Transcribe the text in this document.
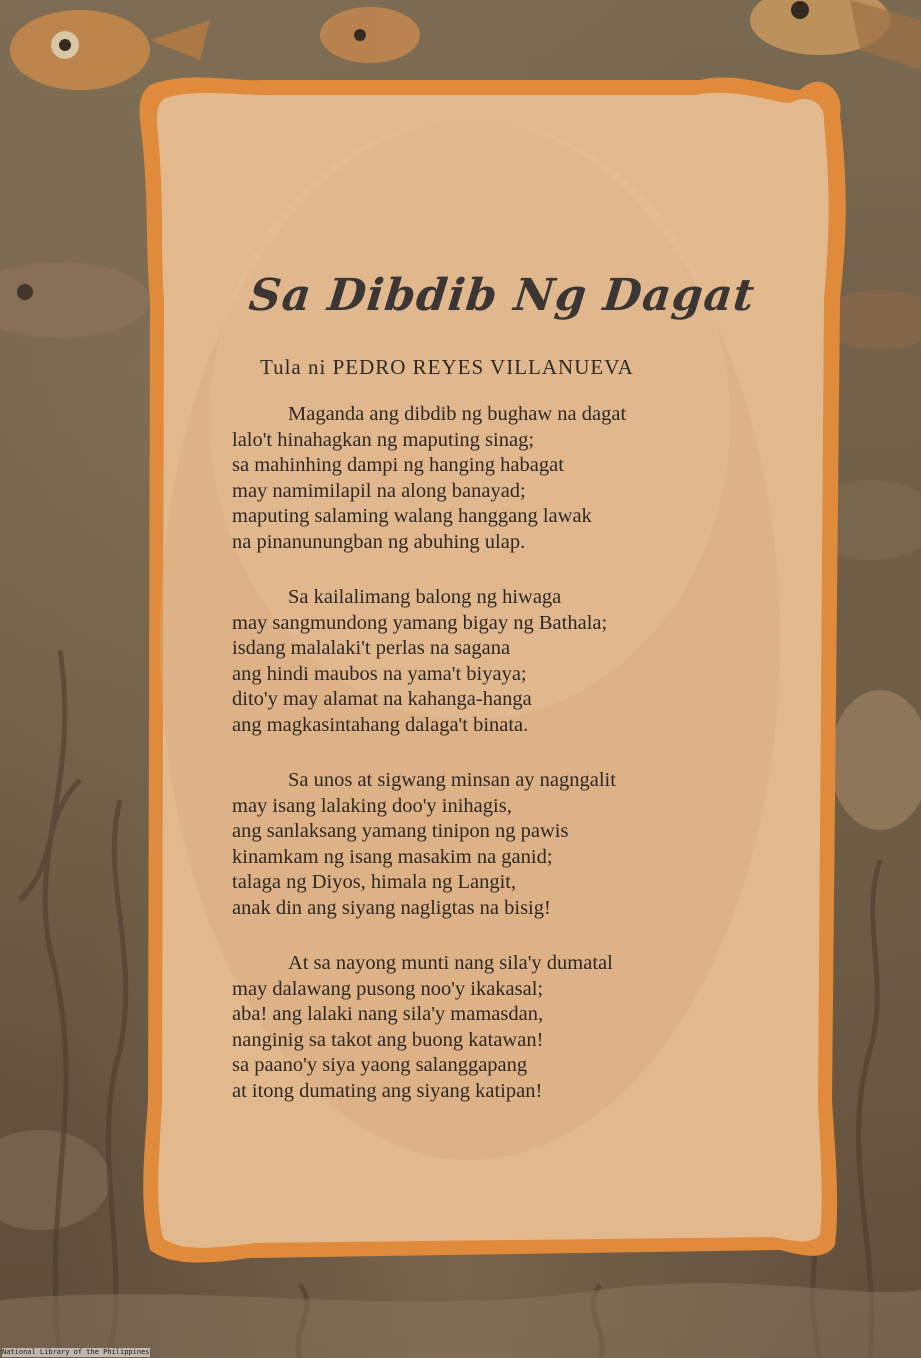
Sa Dibdib Ng Dagat
Tula ni PEDRO REYES VILLANUEVA
Maganda ang dibdib ng bughaw na dagat
lalo't hinahagkan ng maputing sinag;
sa mahinhing dampi ng hanging habagat
may namimilapil na along banayad;
maputing salaming walang hanggang lawak
na pinanunungban ng abuhing ulap.
Sa kailalimang balong ng hiwaga
may sangmundong yamang bigay ng Bathala;
isdang malalaki't perlas na sagana
ang hindi maubos na yama't biyaya;
dito'y may alamat na kahanga-hanga
ang magkasintahang dalaga't binata.
Sa unos at sigwang minsan ay nagngalit
may isang lalaking doo'y inihagis,
ang sanlaksang yamang tinipon ng pawis
kinamkam ng isang masakim na ganid;
talaga ng Diyos, himala ng Langit,
anak din ang siyang nagligtas na bisig!
At sa nayong munti nang sila'y dumatal
may dalawang pusong noo'y ikakasal;
aba! ang lalaki nang sila'y mamasdan,
nanginig sa takot ang buong katawan!
sa paano'y siya yaong salanggapang
at itong dumating ang siyang katipan!
National Library of the Philippines
